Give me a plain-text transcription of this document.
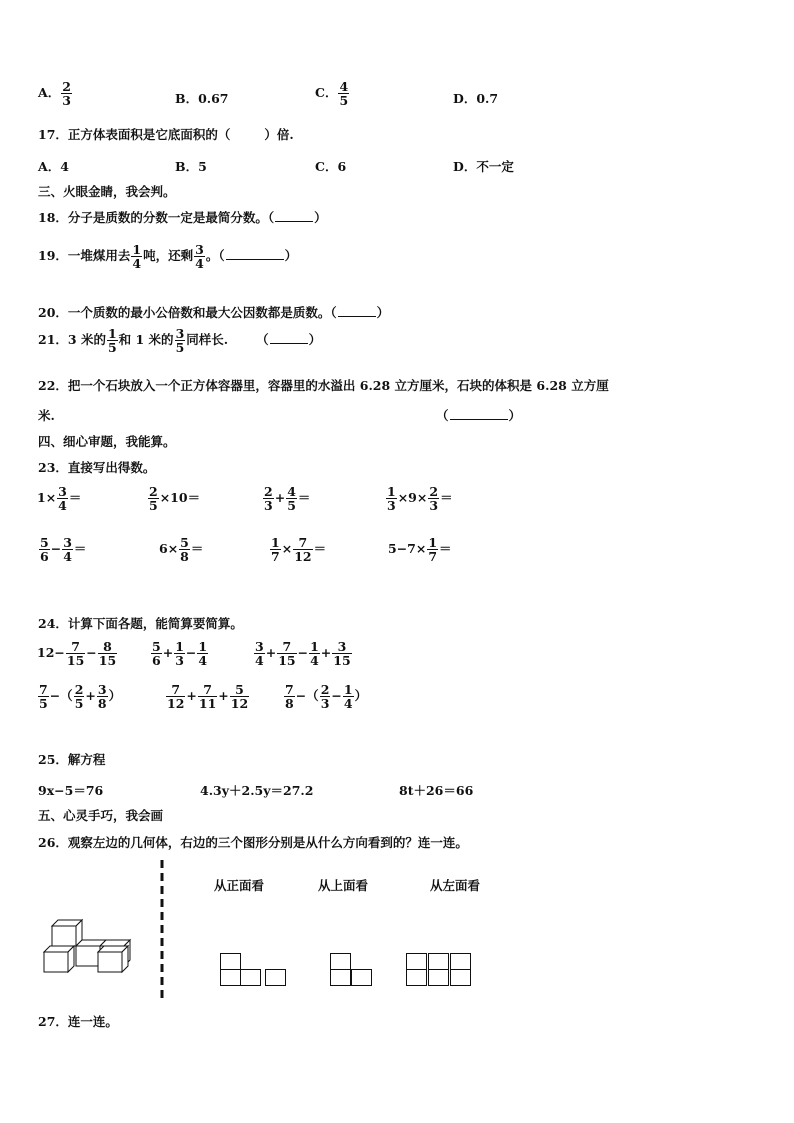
A． $\frac{2}{3}$	B．0.67	C． $\frac{4}{5}$	D．0.7
17．正方体表面积是它底面积的（	）倍.
A．4	B．5	C．6	D．不一定
三、火眼金睛，我会判。
18．分子是质数的分数一定是最简分数。（	）
19．一堆煤用去 $\frac{1}{4}$ 吨，还剩 $\frac{3}{4}$ 。（	）
20．一个质数的最小公倍数和最大公因数都是质数。（	）
21．3 米的 $\frac{1}{5}$ 和 1 米的 $\frac{3}{5}$ 同样长. （	）
22．把一个石块放入一个正方体容器里，容器里的水溢出 6.28 立方厘米，石块的体积是 6.28 立方厘
米.	（	）
四、细心审题，我能算。
23．直接写出得数。
$1\times \frac{3}{4}$ ＝	$\frac{2}{5} \times 10=$	$\frac{2}{3} + \frac{4}{5}$ ＝	$\frac{1}{3} \times 9\times \frac{2}{3}$ ＝
$\frac{5}{6} - \frac{3}{4}$ ＝	$6\times \frac{5}{8}$ ＝	$\frac{1}{7} \times \frac{7}{12}$ ＝	$5-7\times \frac{1}{7}$ ＝
24．计算下面各题，能简算要简算。
$12- \frac{7}{15} - \frac{8}{15}$	$\frac{5}{6} + \frac{1}{3} - \frac{1}{4}$	$\frac{3}{4} + \frac{7}{15} - \frac{1}{4} + \frac{3}{15}$
$\frac{7}{5}$ −（ $\frac{2}{5} + \frac{3}{8}$ ）	$\frac{7}{12} + \frac{7}{11} + \frac{5}{12}$	$\frac{7}{8}$ −（ $\frac{2}{3} - \frac{1}{4}$ ）
25．解方程
9x−5＝76	4.3y＋2.5y＝27.2	8t＋26＝66
五、心灵手巧，我会画
26．观察左边的几何体，右边的三个图形分别是从什么方向看到的？连一连。
从正面看	从上面看	从左面看
27．连一连。
